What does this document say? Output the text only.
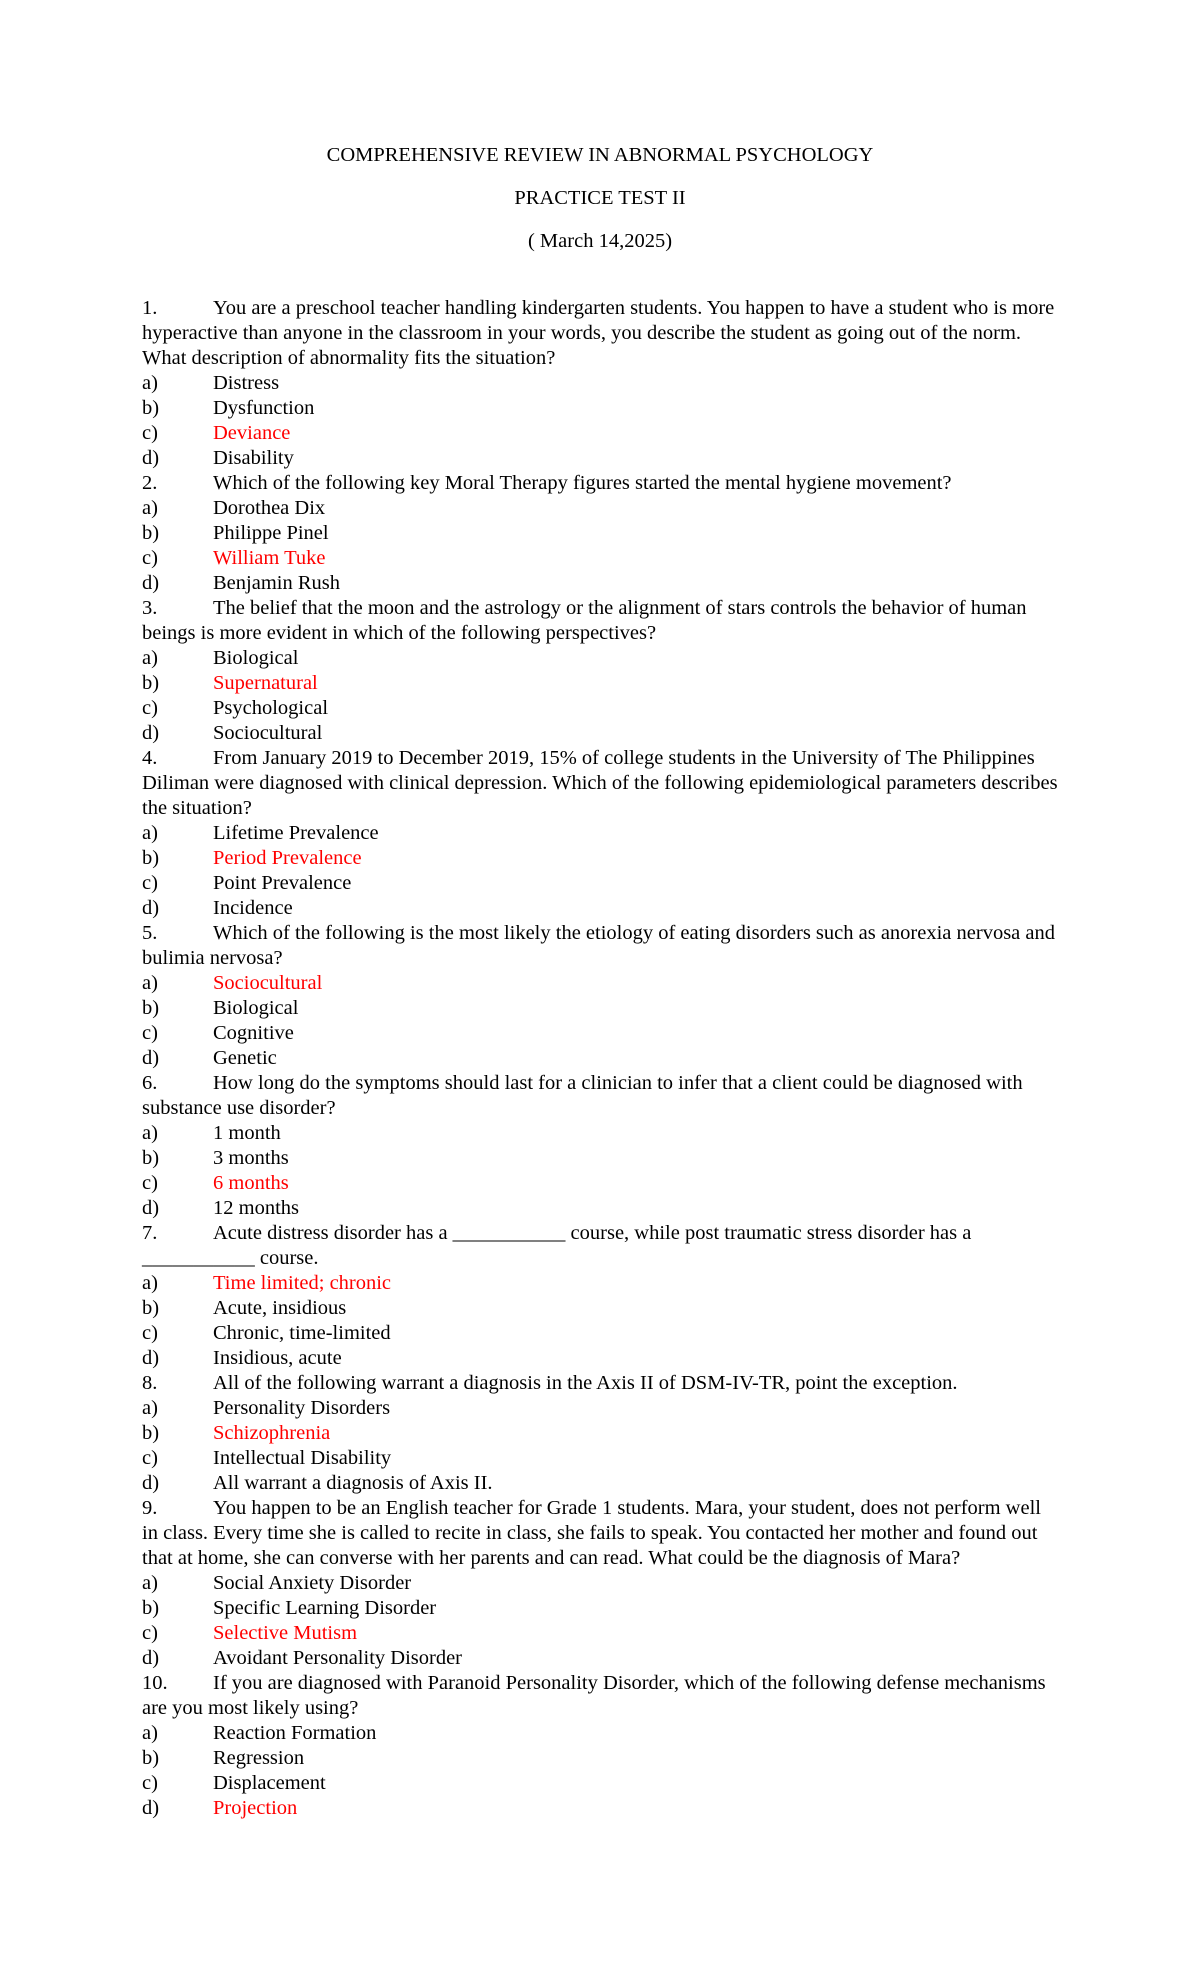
COMPREHENSIVE REVIEW IN ABNORMAL PSYCHOLOGY
PRACTICE TEST II
( March 14,2025)

1.	You are a preschool teacher handling kindergarten students. You happen to have a student who is more hyperactive than anyone in the classroom in your words, you describe the student as going out of the norm. What description of abnormality fits the situation?

a)	Distress
b)	Dysfunction
c)	Deviance
d)	Disability

2.	Which of the following key Moral Therapy figures started the mental hygiene movement?

a)	Dorothea Dix
b)	Philippe Pinel
c)	William Tuke
d)	Benjamin Rush

3.	The belief that the moon and the astrology or the alignment of stars controls the behavior of human beings is more evident in which of the following perspectives?

a)	Biological
b)	Supernatural
c)	Psychological
d)	Sociocultural

4.	From January 2019 to December 2019, 15% of college students in the University of The Philippines Diliman were diagnosed with clinical depression. Which of the following epidemiological parameters describes the situation?

a)	Lifetime Prevalence
b)	Period Prevalence
c)	Point Prevalence
d)	Incidence

5.	Which of the following is the most likely the etiology of eating disorders such as anorexia nervosa and bulimia nervosa?

a)	Sociocultural
b)	Biological
c)	Cognitive
d)	Genetic

6.	How long do the symptoms should last for a clinician to infer that a client could be diagnosed with substance use disorder?

a)	1 month
b)	3 months
c)	6 months
d)	12 months

7.	Acute distress disorder has a ___________ course, while post traumatic stress disorder has a ___________ course.

a)	Time limited; chronic
b)	Acute, insidious
c)	Chronic, time-limited
d)	Insidious, acute

8.	All of the following warrant a diagnosis in the Axis II of DSM-IV-TR, point the exception.

a)	Personality Disorders
b)	Schizophrenia
c)	Intellectual Disability
d)	All warrant a diagnosis of Axis II.

9.	You happen to be an English teacher for Grade 1 students. Mara, your student, does not perform well in class. Every time she is called to recite in class, she fails to speak. You contacted her mother and found out that at home, she can converse with her parents and can read. What could be the diagnosis of Mara?

a)	Social Anxiety Disorder
b)	Specific Learning Disorder
c)	Selective Mutism
d)	Avoidant Personality Disorder

10. If you are diagnosed with Paranoid Personality Disorder, which of the following defense mechanisms are you most likely using?

a)	Reaction Formation
b)	Regression
c)	Displacement
d)	Projection
